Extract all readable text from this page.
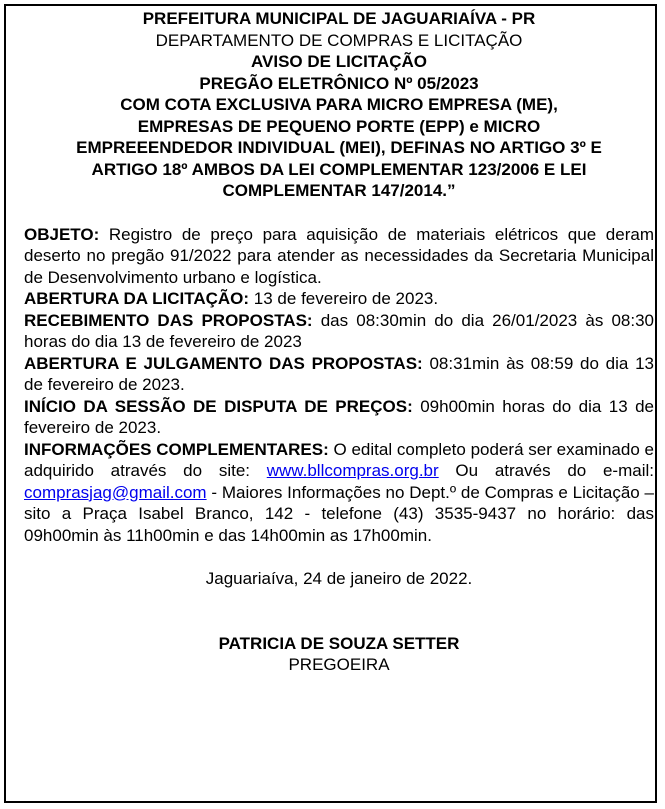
PREFEITURA MUNICIPAL DE JAGUARIAÍVA - PR
DEPARTAMENTO DE COMPRAS E LICITAÇÃO
AVISO DE LICITAÇÃO
PREGÃO ELETRÔNICO Nº 05/2023
COM COTA EXCLUSIVA PARA MICRO EMPRESA (ME),
EMPRESAS DE PEQUENO PORTE (EPP) e MICRO
EMPREEENDEDOR INDIVIDUAL (MEI), DEFINAS NO ARTIGO 3º E
ARTIGO 18º AMBOS DA LEI COMPLEMENTAR 123/2006 E LEI
COMPLEMENTAR 147/2014.”

OBJETO: Registro de preço para aquisição de materiais elétricos que deram deserto no pregão 91/2022 para atender as necessidades da Secretaria Municipal de Desenvolvimento urbano e logística.

ABERTURA DA LICITAÇÃO: 13 de fevereiro de 2023.

RECEBIMENTO DAS PROPOSTAS: das 08:30min do dia 26/01/2023 às 08:30 horas do dia 13 de fevereiro de 2023

ABERTURA E JULGAMENTO DAS PROPOSTAS: 08:31min às 08:59 do dia 13 de fevereiro de 2023.

INÍCIO DA SESSÃO DE DISPUTA DE PREÇOS: 09h00min horas do dia 13 de fevereiro de 2023.

INFORMAÇÕES COMPLEMENTARES: O edital completo poderá ser examinado e adquirido através do site: www.bllcompras.org.br Ou através do e-mail: comprasjag@gmail.com - Maiores Informações no Dept.º de Compras e Licitação – sito a Praça Isabel Branco, 142 - telefone (43) 3535-9437 no horário: das 09h00min às 11h00min e das 14h00min as 17h00min.

Jaguariaíva, 24 de janeiro de 2022.
PATRICIA DE SOUZA SETTER
PREGOEIRA
